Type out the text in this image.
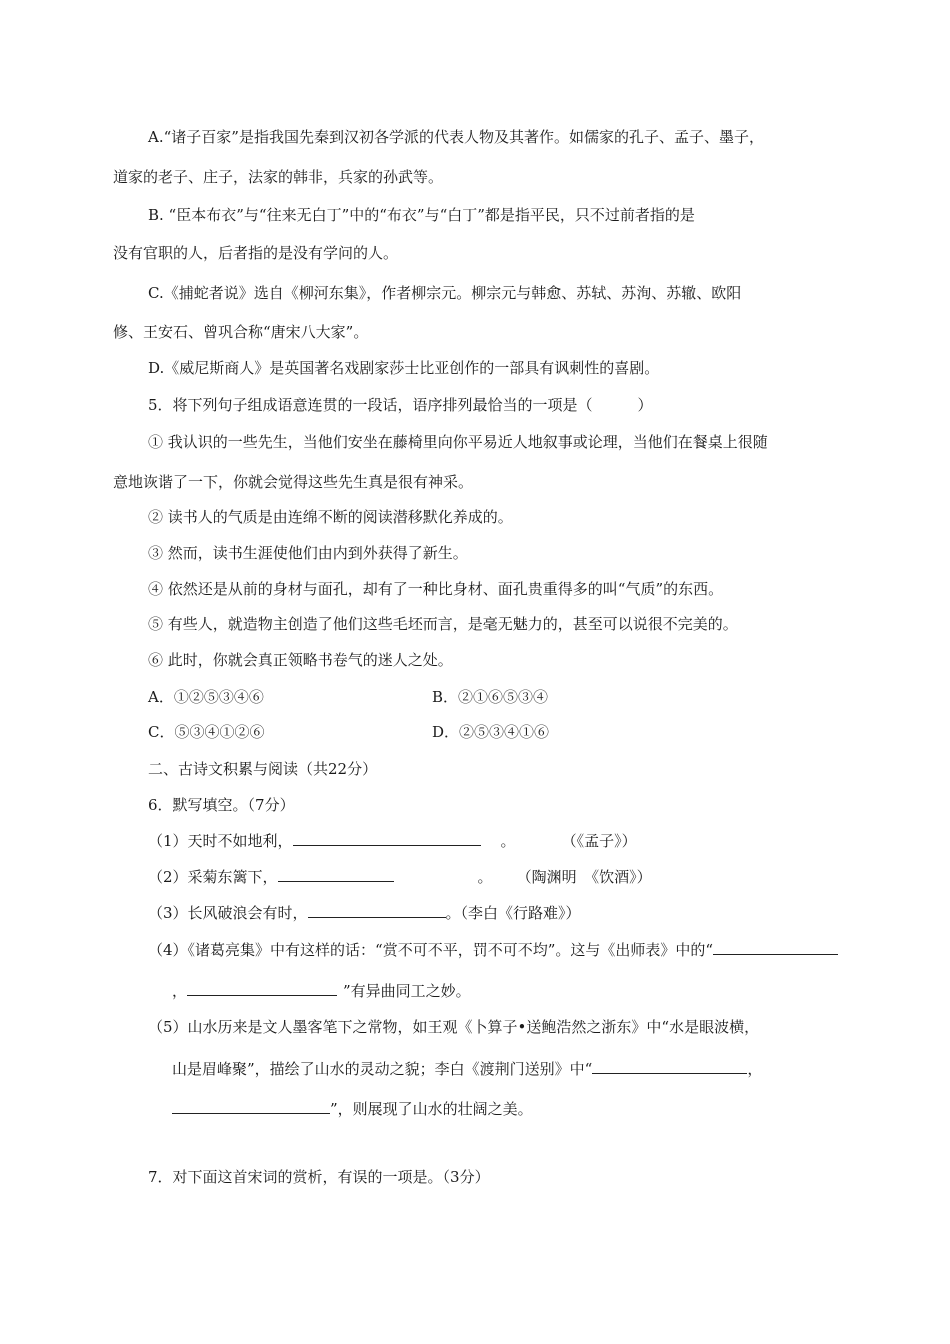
A.“诸子百家”是指我国先秦到汉初各学派的代表人物及其著作。如儒家的孔子、孟子、墨子，
道家的老子、庄子，法家的韩非，兵家的孙武等。
B. “臣本布衣”与“往来无白丁”中的“布衣”与“白丁”都是指平民，只不过前者指的是
没有官职的人，后者指的是没有学问的人。
C.《捕蛇者说》选自《柳河东集》，作者柳宗元。柳宗元与韩愈、苏轼、苏洵、苏辙、欧阳
修、王安石、曾巩合称“唐宋八大家”。
D.《威尼斯商人》是英国著名戏剧家莎士比亚创作的一部具有讽刺性的喜剧。
5．将下列句子组成语意连贯的一段话，语序排列最恰当的一项是（　　　）
① 我认识的一些先生，当他们安坐在藤椅里向你平易近人地叙事或论理，当他们在餐桌上很随
意地诙谐了一下，你就会觉得这些先生真是很有神采。
② 读书人的气质是由连绵不断的阅读潜移默化养成的。
③ 然而，读书生涯使他们由内到外获得了新生。
④ 依然还是从前的身材与面孔，却有了一种比身材、面孔贵重得多的叫“气质”的东西。
⑤ 有些人，就造物主创造了他们这些毛坯而言，是毫无魅力的，甚至可以说很不完美的。
⑥ 此时，你就会真正领略书卷气的迷人之处。
A．①②⑤③④⑥	B．②①⑥⑤③④
C．⑤③④①②⑥	D．②⑤③④①⑥
二、古诗文积累与阅读（共22分）
6．默写填空。（7分）
（1）天时不如地利，	。	（《孟子》）
（2）采菊东篱下，	。 （陶渊明　《饮酒》）
（3）长风破浪会有时，	。（李白《行路难》）
（4）《诸葛亮集》中有这样的话：“赏不可不平，罚不可不均”。这与《出师表》中的“
，	”有异曲同工之妙。
（5）山水历来是文人墨客笔下之常物，如王观《卜算子•送鲍浩然之浙东》中“水是眼波横，
山是眉峰聚”，描绘了山水的灵动之貌；李白《渡荆门送别》中“	，
”，则展现了山水的壮阔之美。
7．对下面这首宋词的赏析，有误的一项是。（3分）
